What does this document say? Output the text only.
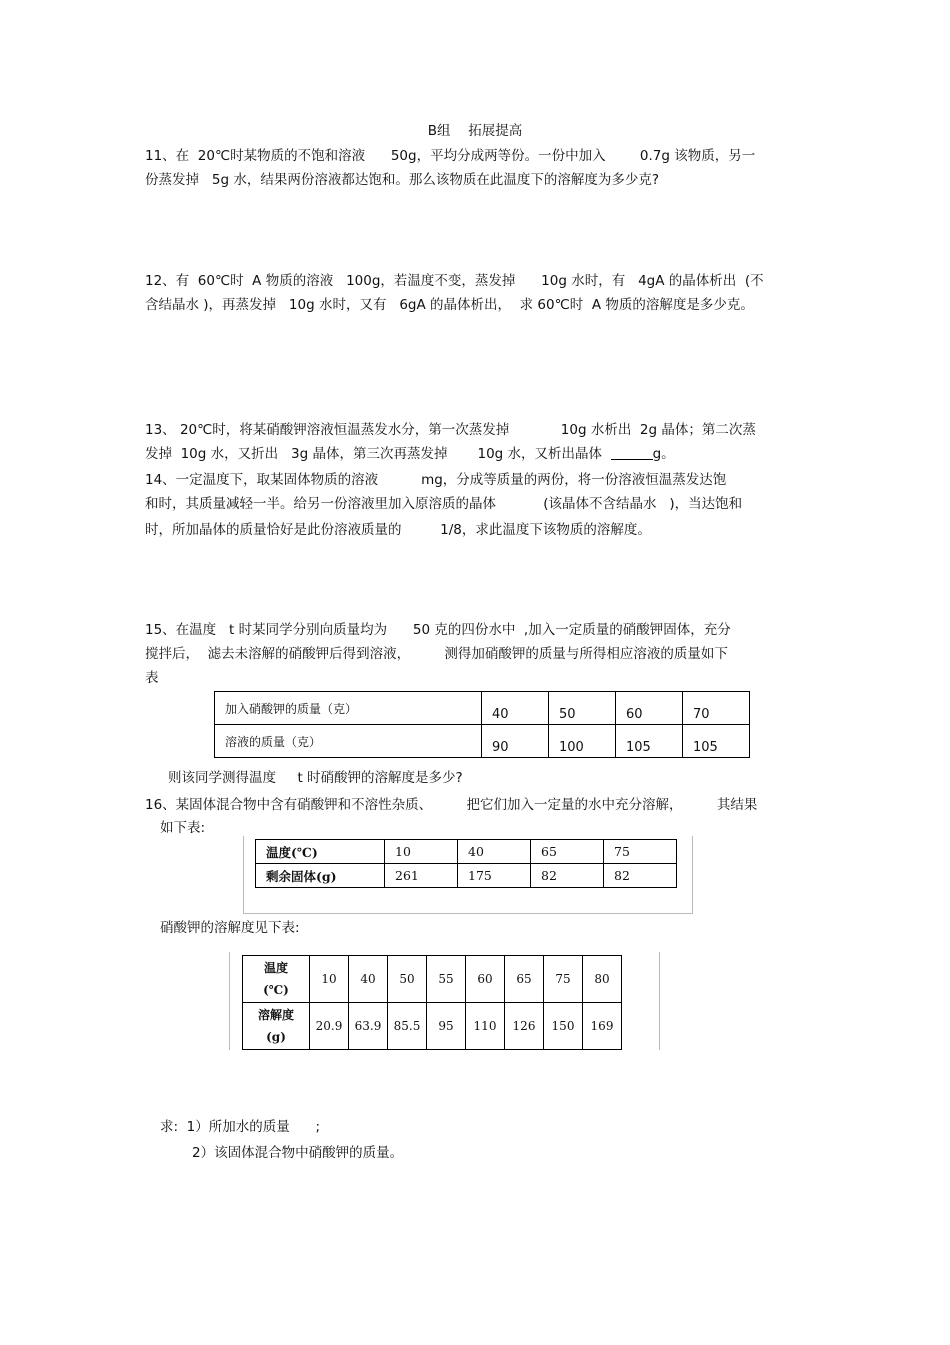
B组　 拓展提高
11、在  20℃时某物质的不饱和溶液      50g，平均分成两等份。一份中加入        0.7g 该物质，另一
份蒸发掉   5g 水，结果两份溶液都达饱和。那么该物质在此温度下的溶解度为多少克?
12、有  60℃时  A 物质的溶液   100g，若温度不变，蒸发掉      10g 水时，有   4gA 的晶体析出  (不
含结晶水 )，再蒸发掉   10g 水时，又有   6gA 的晶体析出，  求 60℃时  A 物质的溶解度是多少克。
13、 20℃时，将某硝酸钾溶液恒温蒸发水分，第一次蒸发掉            10g 水析出  2g 晶体；第二次蒸
发掉  10g 水，又折出   3g 晶体，第三次再蒸发掉       10g 水，又析出晶体	g。
14、一定温度下，取某固体物质的溶液          mg，分成等质量的两份，将一份溶液恒温蒸发达饱
和时，其质量减轻一半。给另一份溶液里加入原溶质的晶体           (该晶体不含结晶水   )，当达饱和
时，所加晶体的质量恰好是此份溶液质量的         1/8，求此温度下该物质的溶解度。
15、在温度   t 时某同学分别向质量均为      50 克的四份水中  ,加入一定质量的硝酸钾固体，充分
搅拌后，  滤去未溶解的硝酸钾后得到溶液，        测得加硝酸钾的质量与所得相应溶液的质量如下
表
加入硝酸钾的质量（克）	40	50	60	70
溶液的质量（克）	90	100	105	105
则该同学测得温度     t 时硝酸钾的溶解度是多少?
16、某固体混合物中含有硝酸钾和不溶性杂质、        把它们加入一定量的水中充分溶解，        其结果
如下表:
温度(℃)	10	40	65	75
剩余固体(g)	261	175	82	82
硝酸钾的溶解度见下表:
温度
(℃)	10	40	50	55	60	65	75	80
溶解度
(g)	20.9	63.9	85.5	95	110	126	150	169
求:  1）所加水的质量      ;
2）该固体混合物中硝酸钾的质量。
